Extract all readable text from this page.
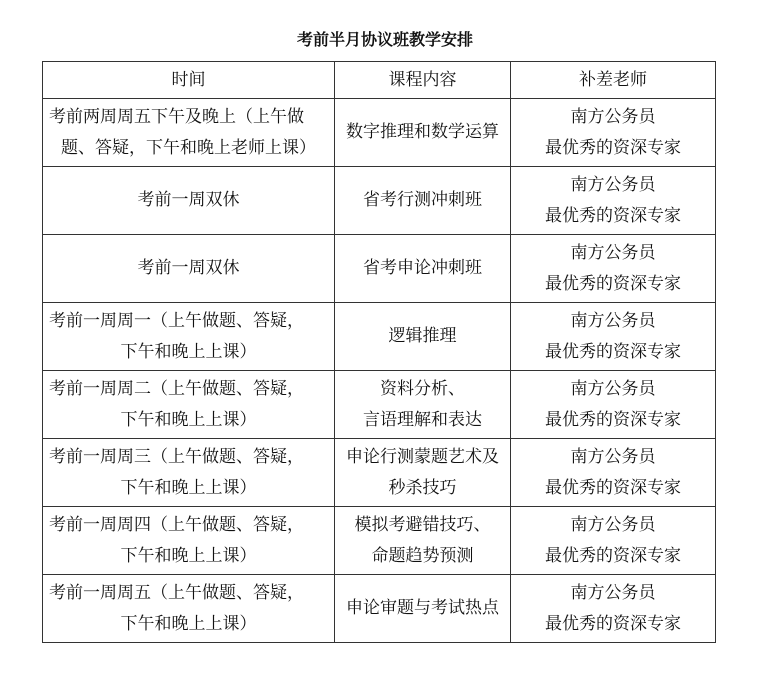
考前半月协议班教学安排
时间	课程内容	补差老师

考前两周周五下午及晚上（上午做
题、答疑，下午和晚上老师上课）	数字推理和数学运算	南方公务员
最优秀的资深专家

考前一周双休	省考行测冲刺班	南方公务员
最优秀的资深专家

考前一周双休	省考申论冲刺班	南方公务员
最优秀的资深专家

考前一周周一（上午做题、答疑，
下午和晚上上课）	逻辑推理	南方公务员
最优秀的资深专家

考前一周周二（上午做题、答疑，
下午和晚上上课）	资料分析、
言语理解和表达	南方公务员
最优秀的资深专家

考前一周周三（上午做题、答疑，
下午和晚上上课）	申论行测蒙题艺术及
秒杀技巧	南方公务员
最优秀的资深专家

考前一周周四（上午做题、答疑，
下午和晚上上课）	模拟考避错技巧、
命题趋势预测	南方公务员
最优秀的资深专家

考前一周周五（上午做题、答疑，
下午和晚上上课）	申论审题与考试热点	南方公务员
最优秀的资深专家
